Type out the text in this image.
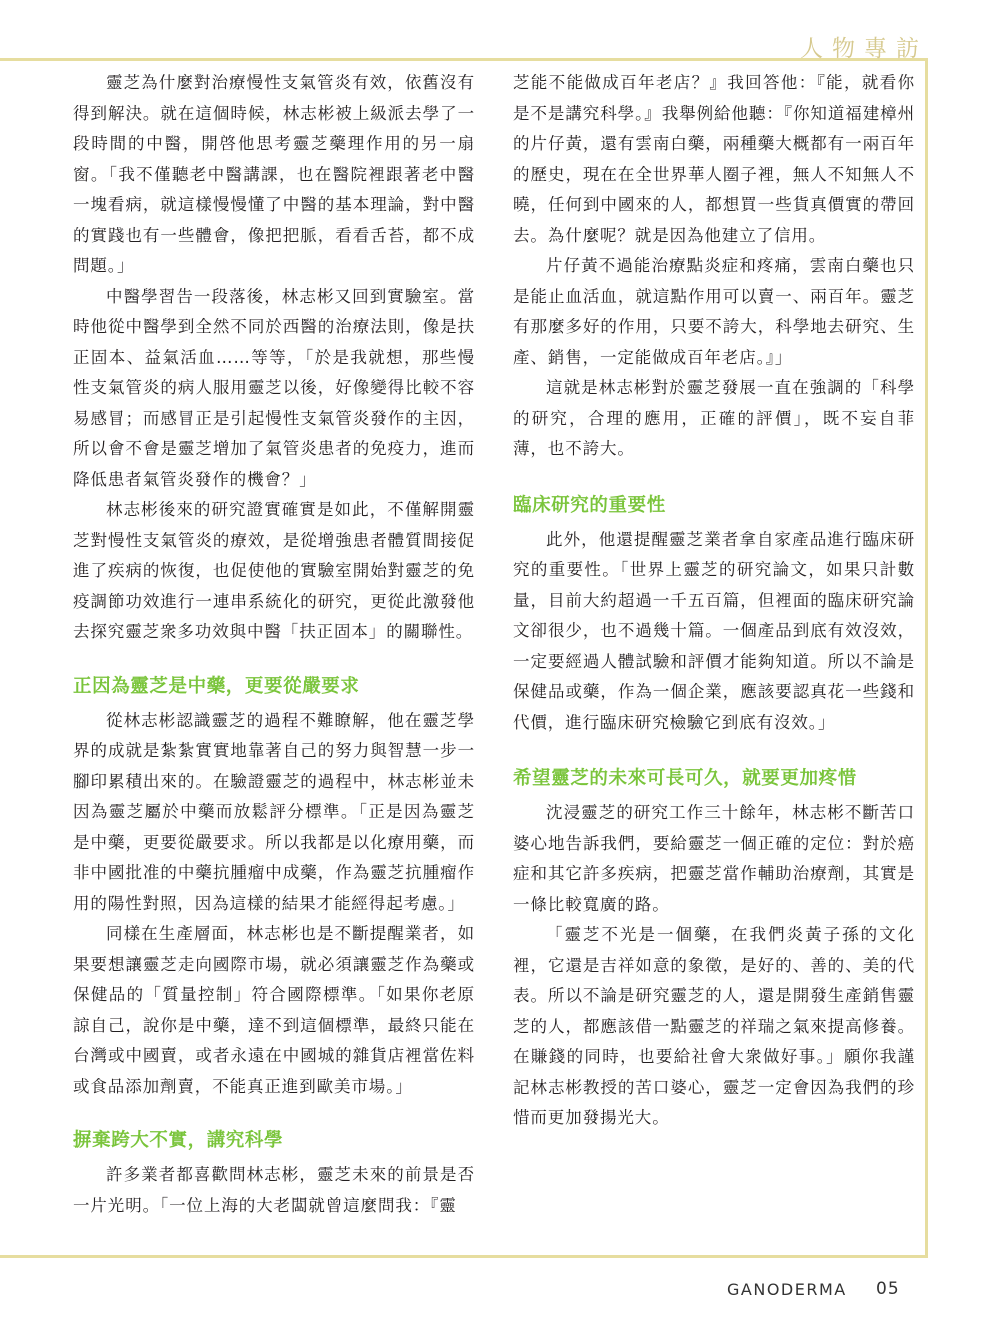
人物專訪

靈芝為什麼對治療慢性支氣管炎有效，依舊沒有得到解決。就在這個時候，林志彬被上級派去學了一段時間的中醫，開啓他思考靈芝藥理作用的另一扇窗。「我不僅聽老中醫講課，也在醫院裡跟著老中醫一塊看病，就這樣慢慢懂了中醫的基本理論，對中醫的實踐也有一些體會，像把把脈，看看舌苔，都不成問題。」

中醫學習告一段落後，林志彬又回到實驗室。當時他從中醫學到全然不同於西醫的治療法則，像是扶正固本、益氣活血……等等，「於是我就想，那些慢性支氣管炎的病人服用靈芝以後，好像變得比較不容易感冒；而感冒正是引起慢性支氣管炎發作的主因，所以會不會是靈芝增加了氣管炎患者的免疫力，進而降低患者氣管炎發作的機會？」

林志彬後來的研究證實確實是如此，不僅解開靈芝對慢性支氣管炎的療效，是從增強患者體質間接促進了疾病的恢復，也促使他的實驗室開始對靈芝的免疫調節功效進行一連串系統化的研究，更從此激發他去探究靈芝衆多功效與中醫「扶正固本」的關聯性。

正因為靈芝是中藥，更要從嚴要求

從林志彬認識靈芝的過程不難瞭解，他在靈芝學界的成就是紮紮實實地靠著自己的努力與智慧一步一腳印累積出來的。在驗證靈芝的過程中，林志彬並未因為靈芝屬於中藥而放鬆評分標準。「正是因為靈芝是中藥，更要從嚴要求。所以我都是以化療用藥，而非中國批准的中藥抗腫瘤中成藥，作為靈芝抗腫瘤作用的陽性對照，因為這樣的結果才能經得起考慮。」

同樣在生產層面，林志彬也是不斷提醒業者，如果要想讓靈芝走向國際市場，就必須讓靈芝作為藥或保健品的「質量控制」符合國際標準。「如果你老原諒自己，說你是中藥，達不到這個標準，最終只能在台灣或中國賣，或者永遠在中國城的雜貨店裡當佐料或食品添加劑賣，不能真正進到歐美市場。」

摒棄跨大不實，講究科學

許多業者都喜歡問林志彬，靈芝未來的前景是否一片光明。「一位上海的大老闆就曾這麼問我：『靈

芝能不能做成百年老店？』我回答他：『能，就看你是不是講究科學。』我舉例給他聽：『你知道福建樟州的片仔黃，還有雲南白藥，兩種藥大概都有一兩百年的歷史，現在在全世界華人圈子裡，無人不知無人不曉，任何到中國來的人，都想買一些貨真價實的帶回去。為什麼呢？就是因為他建立了信用。

片仔黃不過能治療點炎症和疼痛，雲南白藥也只是能止血活血，就這點作用可以賣一、兩百年。靈芝有那麼多好的作用，只要不誇大，科學地去研究、生產、銷售，一定能做成百年老店。』」

這就是林志彬對於靈芝發展一直在強調的「科學的研究，合理的應用，正確的評價」，既不妄自菲薄，也不誇大。

臨床研究的重要性

此外，他還提醒靈芝業者拿自家產品進行臨床研究的重要性。「世界上靈芝的研究論文，如果只計數量，目前大約超過一千五百篇，但裡面的臨床研究論文卻很少，也不過幾十篇。一個產品到底有效沒效，一定要經過人體試驗和評價才能夠知道。所以不論是保健品或藥，作為一個企業，應該要認真花一些錢和代價，進行臨床研究檢驗它到底有沒效。」

希望靈芝的未來可長可久，就要更加疼惜

沈浸靈芝的研究工作三十餘年，林志彬不斷苦口婆心地告訴我們，要給靈芝一個正確的定位：對於癌症和其它許多疾病，把靈芝當作輔助治療劑，其實是一條比較寬廣的路。

「靈芝不光是一個藥，在我們炎黃子孫的文化裡，它還是吉祥如意的象徵，是好的、善的、美的代表。所以不論是研究靈芝的人，還是開發生產銷售靈芝的人，都應該借一點靈芝的祥瑞之氣來提高修養。在賺錢的同時，也要給社會大衆做好事。」願你我謹記林志彬教授的苦口婆心，靈芝一定會因為我們的珍惜而更加發揚光大。

GANODERMA 05
